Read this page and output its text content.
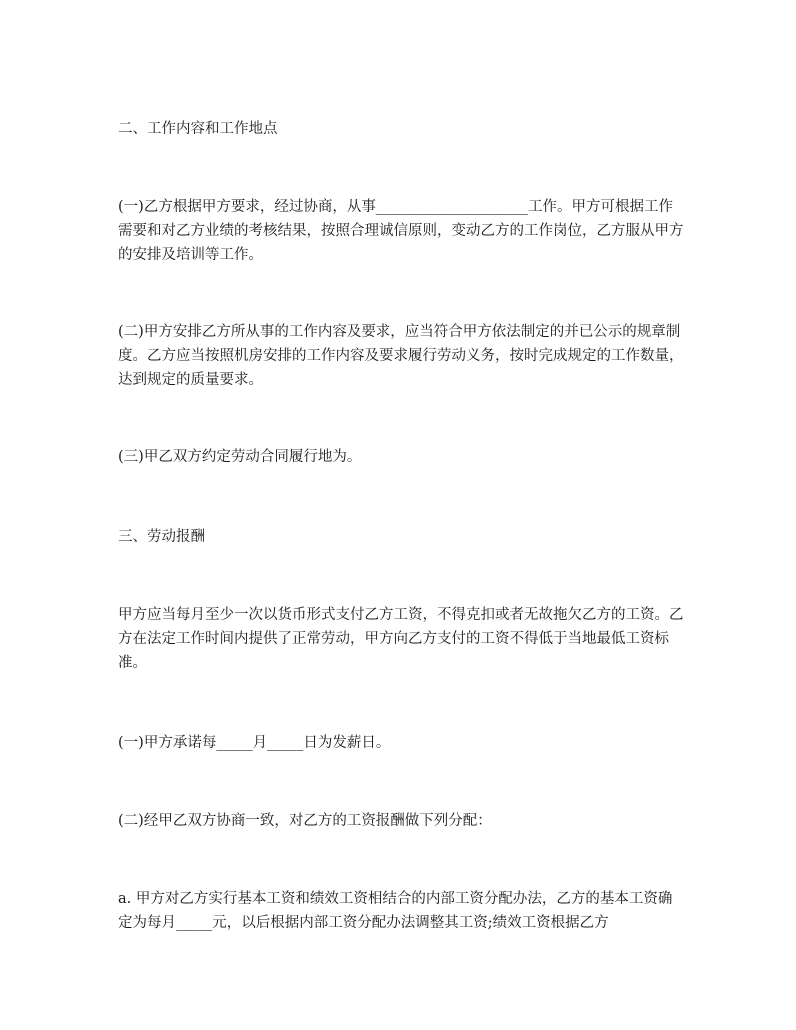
二、工作内容和工作地点

(一)乙方根据甲方要求，经过协商，从事_____________________工作。甲方可根据工作需要和对乙方业绩的考核结果，按照合理诚信原则，变动乙方的工作岗位，乙方服从甲方的安排及培训等工作。

(二)甲方安排乙方所从事的工作内容及要求，应当符合甲方依法制定的并已公示的规章制度。乙方应当按照机房安排的工作内容及要求履行劳动义务，按时完成规定的工作数量，达到规定的质量要求。

(三)甲乙双方约定劳动合同履行地为。

三、劳动报酬

甲方应当每月至少一次以货币形式支付乙方工资，不得克扣或者无故拖欠乙方的工资。乙方在法定工作时间内提供了正常劳动，甲方向乙方支付的工资不得低于当地最低工资标准。

(一)甲方承诺每_____月_____日为发薪日。

(二)经甲乙双方协商一致，对乙方的工资报酬做下列分配：

a. 甲方对乙方实行基本工资和绩效工资相结合的内部工资分配办法，乙方的基本工资确定为每月_____元，以后根据内部工资分配办法调整其工资;绩效工资根据乙方
